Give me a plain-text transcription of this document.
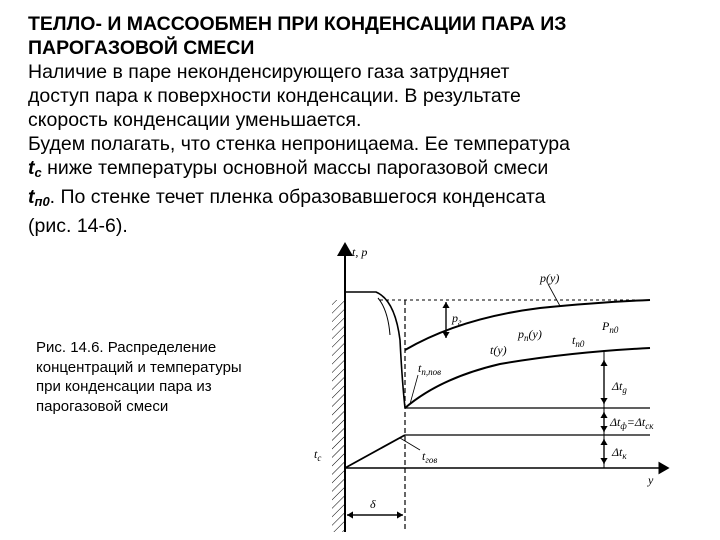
ТЕЛЛО- И МАССООБМЕН ПРИ КОНДЕНСАЦИИ ПАРА ИЗ
ПАРОГАЗОВОЙ СМЕСИ
Наличие в паре неконденсирующего газа затрудняет
доступ пара к поверхности конденсации. В результате
скорость конденсации уменьшается.
Будем полагать, что стенка непроницаема. Ее температура
$t_c$ ниже температуры основной массы парогазовой смеси
$t_{п0}$. По стенке течет пленка образовавшегося конденсата
(рис. 14-6).
Рис. 14.6. Распределение
концентраций и температуры
при конденсации пара из
парогазовой смеси
t, p
y
p(y)
$p_г$
$p_п(y)$
$P_{п0}$
t(y)
$t_{п0}$
$t_{п,пов}$
$t_с$	$t_{гов}$
$\Delta t_g$
$\Delta t_ф=\Delta t_{ск}$
$\Delta t_к$
δ
